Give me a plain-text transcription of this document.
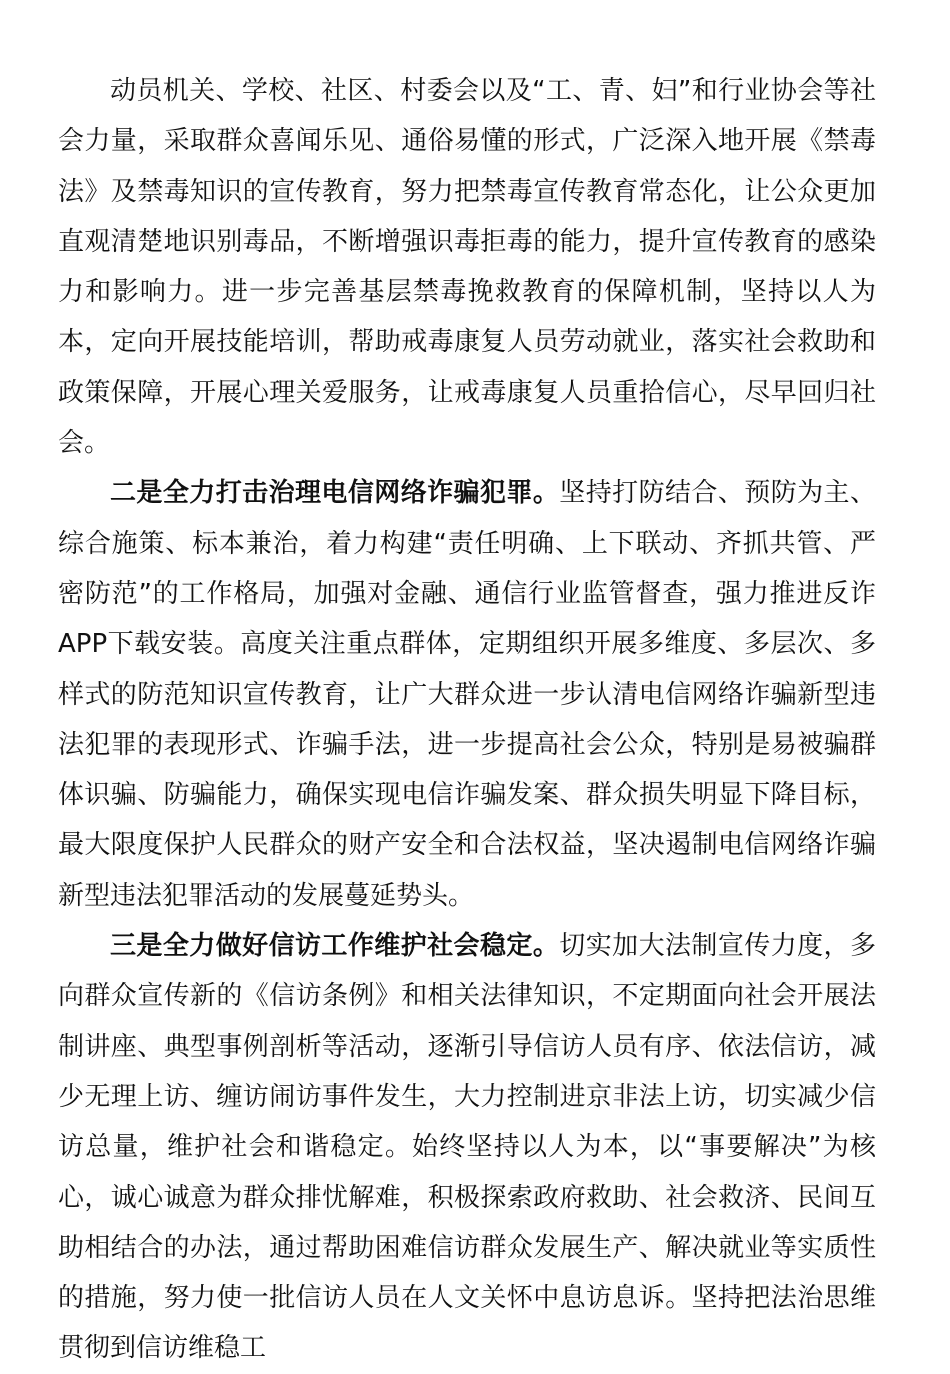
动员机关、学校、社区、村委会以及“工、青、妇”和行业协会等社会力量，采取群众喜闻乐见、通俗易懂的形式，广泛深入地开展《禁毒法》及禁毒知识的宣传教育，努力把禁毒宣传教育常态化，让公众更加直观清楚地识别毒品，不断增强识毒拒毒的能力，提升宣传教育的感染力和影响力。进一步完善基层禁毒挽救教育的保障机制，坚持以人为本，定向开展技能培训，帮助戒毒康复人员劳动就业，落实社会救助和政策保障，开展心理关爱服务，让戒毒康复人员重拾信心，尽早回归社会。

二是全力打击治理电信网络诈骗犯罪。坚持打防结合、预防为主、综合施策、标本兼治，着力构建“责任明确、上下联动、齐抓共管、严密防范”的工作格局，加强对金融、通信行业监管督查，强力推进反诈APP下载安装。高度关注重点群体，定期组织开展多维度、多层次、多样式的防范知识宣传教育，让广大群众进一步认清电信网络诈骗新型违法犯罪的表现形式、诈骗手法，进一步提高社会公众，特别是易被骗群体识骗、防骗能力，确保实现电信诈骗发案、群众损失明显下降目标，最大限度保护人民群众的财产安全和合法权益，坚决遏制电信网络诈骗新型违法犯罪活动的发展蔓延势头。

三是全力做好信访工作维护社会稳定。切实加大法制宣传力度，多向群众宣传新的《信访条例》和相关法律知识，不定期面向社会开展法制讲座、典型事例剖析等活动，逐渐引导信访人员有序、依法信访，减少无理上访、缠访闹访事件发生，大力控制进京非法上访，切实减少信访总量，维护社会和谐稳定。始终坚持以人为本，以“事要解决”为核心，诚心诚意为群众排忧解难，积极探索政府救助、社会救济、民间互助相结合的办法，通过帮助困难信访群众发展生产、解决就业等实质性的措施，努力使一批信访人员在人文关怀中息访息诉。坚持把法治思维贯彻到信访维稳工
